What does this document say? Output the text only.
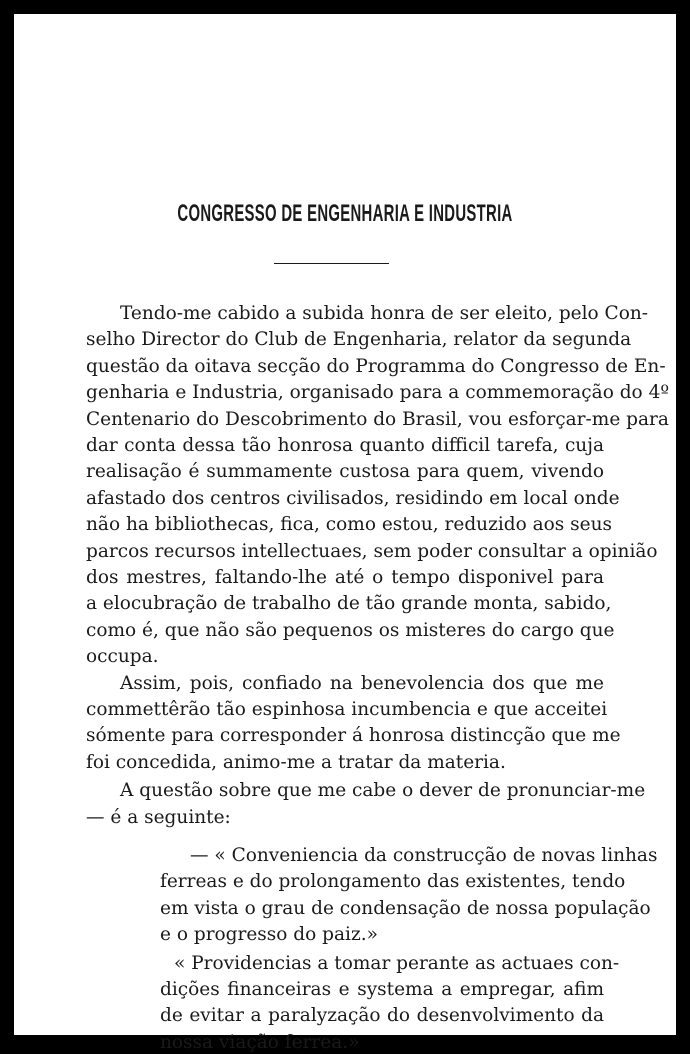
CONGRESSO DE ENGENHARIA E INDUSTRIA
Tendo-me cabido a subida honra de ser eleito, pelo Con-
selho Director do Club de Engenharia, relator da segunda
questão da oitava secção do Programma do Congresso de En-
genharia e Industria, organisado para a commemoração do 4º
Centenario do Descobrimento do Brasil, vou esforçar-me para
dar conta dessa tão honrosa quanto difficil tarefa, cuja
realisação é summamente custosa para quem, vivendo
afastado dos centros civilisados, residindo em local onde
não ha bibliothecas, fica, como estou, reduzido aos seus
parcos recursos intellectuaes, sem poder consultar a opinião
dos mestres, faltando-lhe até o tempo disponivel para
a elocubração de trabalho de tão grande monta, sabido,
como é, que não são pequenos os misteres do cargo que
occupa.
Assim, pois, confiado na benevolencia dos que me
commettêrão tão espinhosa incumbencia e que acceitei
sómente para corresponder á honrosa distincção que me
foi concedida, animo-me a tratar da materia.
A questão sobre que me cabe o dever de pronunciar-me
— é a seguinte:
— « Conveniencia da construcção de novas linhas
ferreas e do prolongamento das existentes, tendo
em vista o grau de condensação de nossa população
e o progresso do paiz.»
« Providencias a tomar perante as actuaes con-
dições financeiras e systema a empregar, afim
de evitar a paralyzação do desenvolvimento da
nossa viação ferrea.»
